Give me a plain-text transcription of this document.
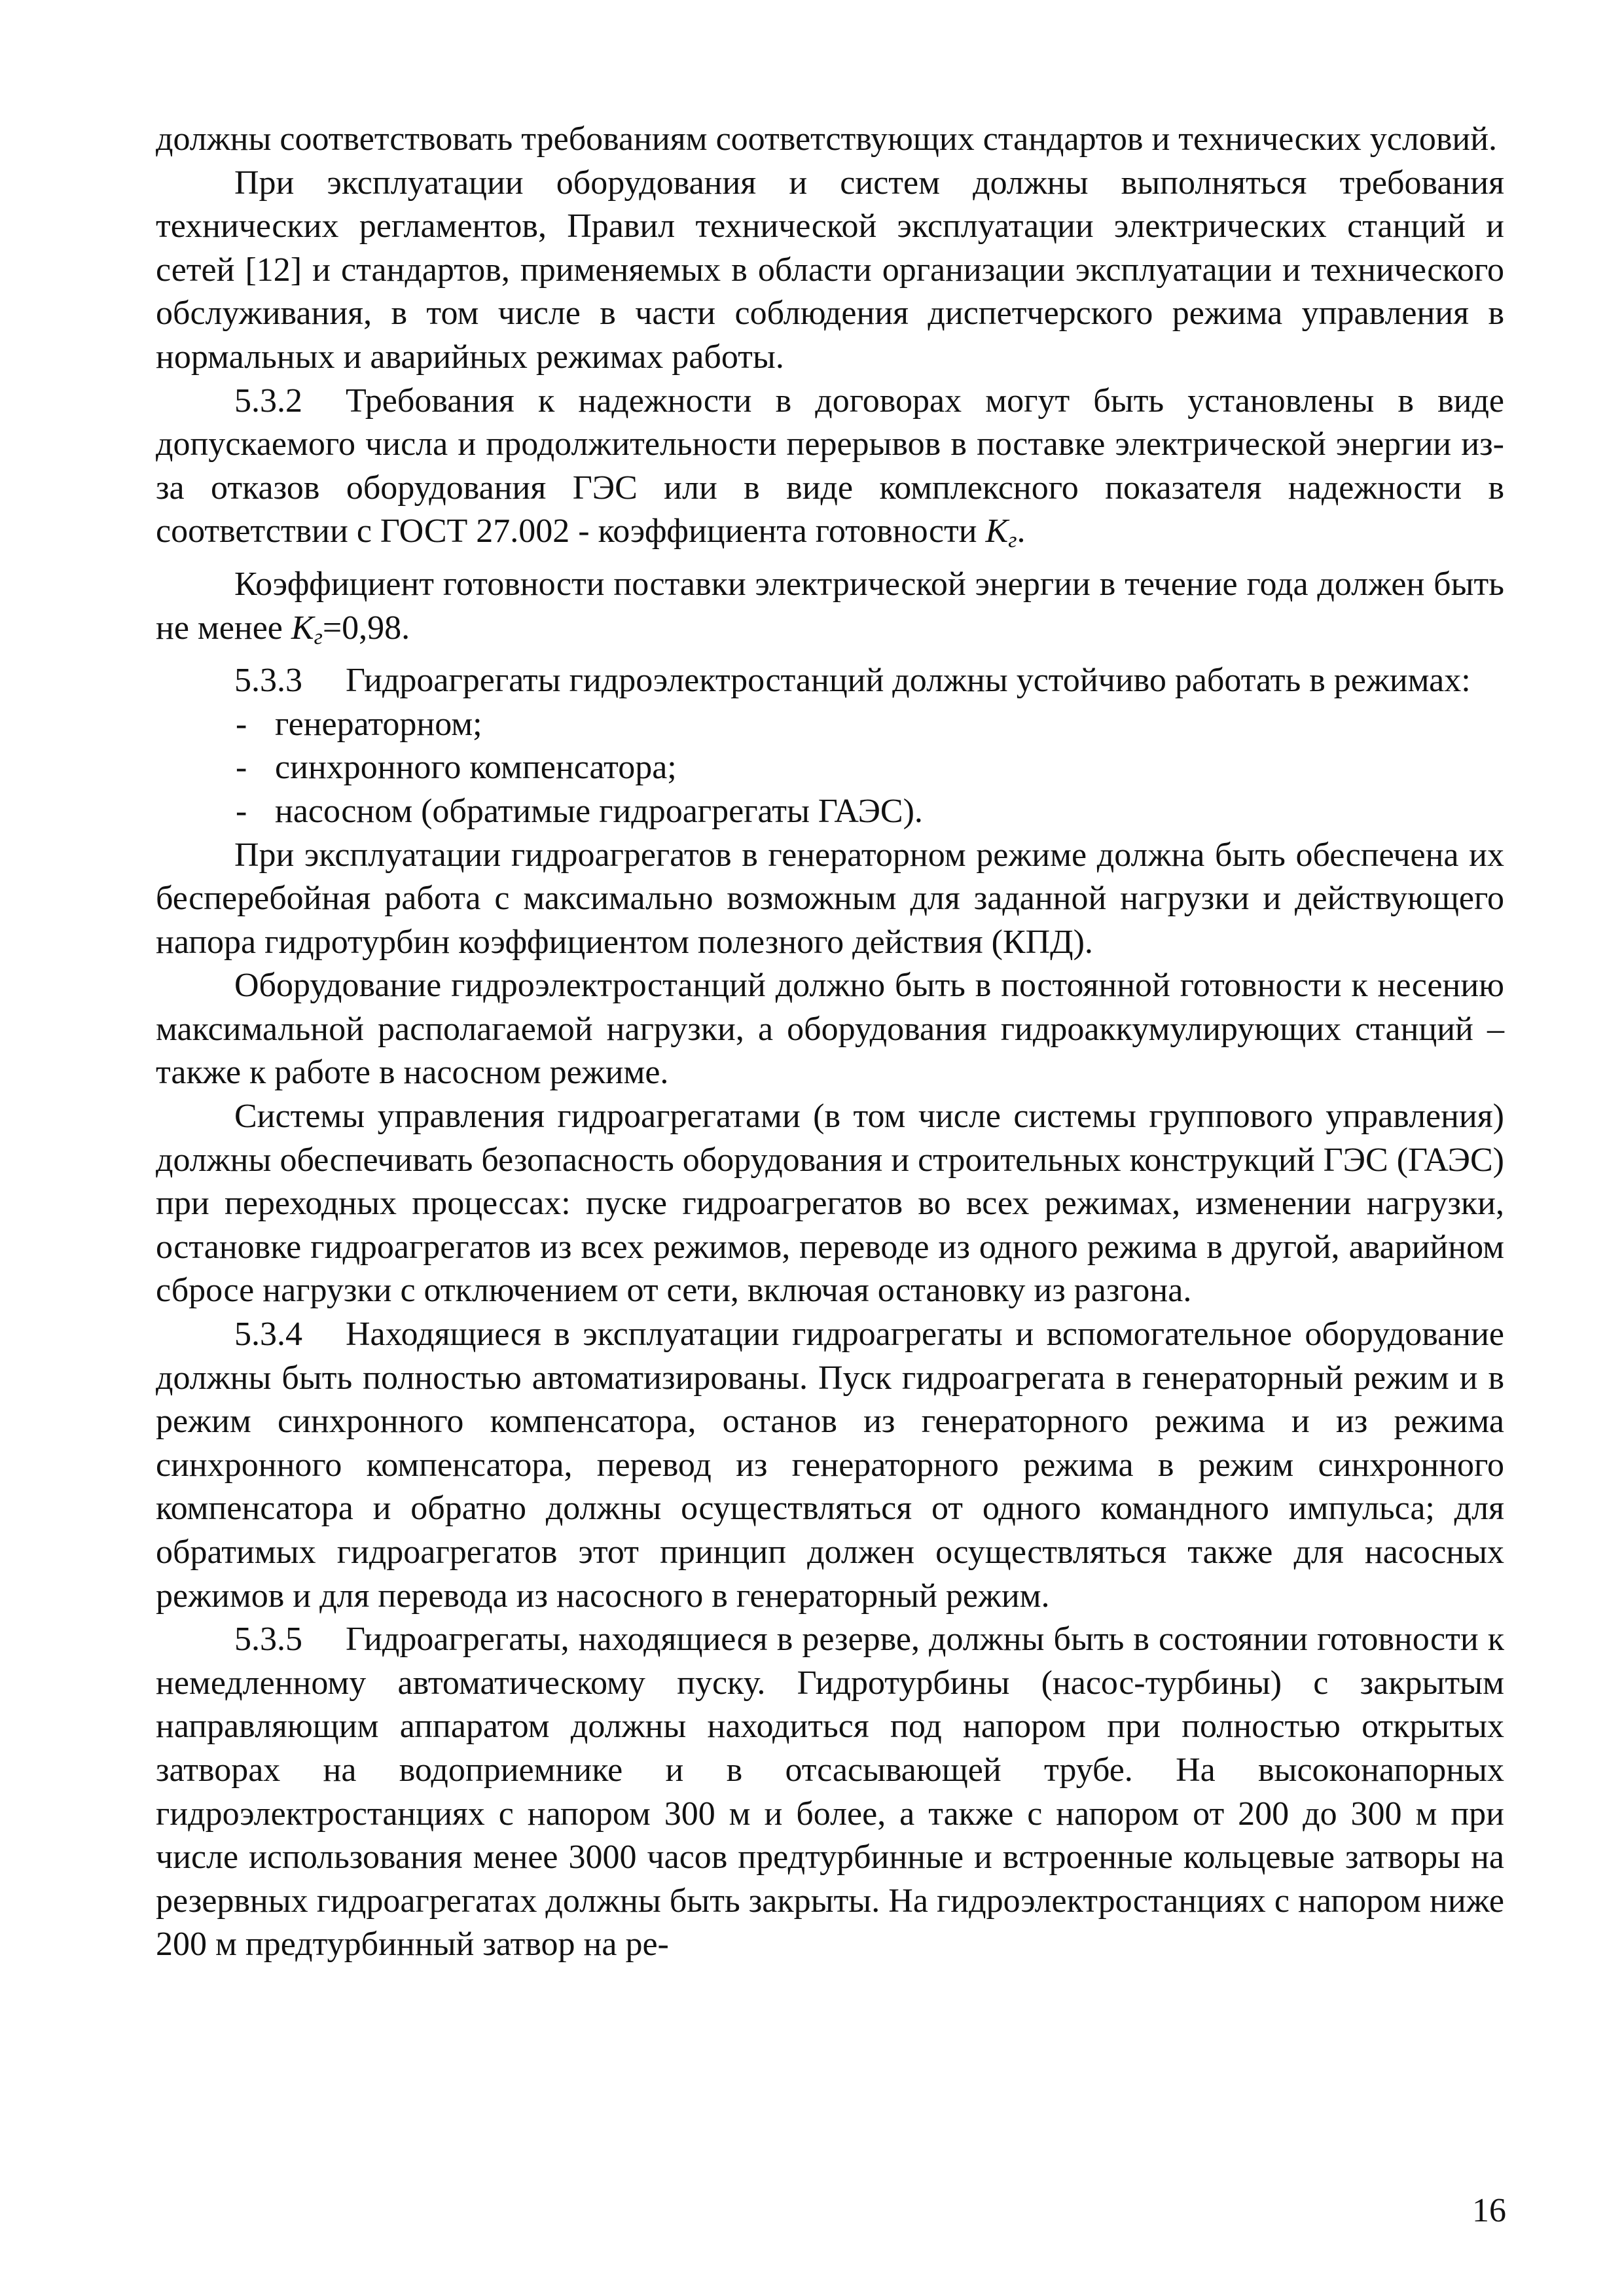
должны соответствовать требованиям соответствующих стандартов и технических условий.

При эксплуатации оборудования и систем должны выполняться требования технических регламентов, Правил технической эксплуатации электрических станций и сетей [12] и стандартов, применяемых в области организации эксплуатации и технического обслуживания, в том числе в части соблюдения диспетчерского режима управления в нормальных и аварийных режимах работы.

5.3.2 Требования к надежности в договорах могут быть установлены в виде допускаемого числа и продолжительности перерывов в поставке электрической энергии из-за отказов оборудования ГЭС или в виде комплексного показателя надежности в соответствии с ГОСТ 27.002 - коэффициента готовности $K_г$.

Коэффициент готовности поставки электрической энергии в течение года должен быть не менее $K_г=0,98$.

5.3.3 Гидроагрегаты гидроэлектростанций должны устойчиво работать в режимах:

- генераторном;
- синхронного компенсатора;
- насосном (обратимые гидроагрегаты ГАЭС).

При эксплуатации гидроагрегатов в генераторном режиме должна быть обеспечена их бесперебойная работа с максимально возможным для заданной нагрузки и действующего напора гидротурбин коэффициентом полезного действия (КПД).

Оборудование гидроэлектростанций должно быть в постоянной готовности к несению максимальной располагаемой нагрузки, а оборудования гидроаккумулирующих станций – также к работе в насосном режиме.

Системы управления гидроагрегатами (в том числе системы группового управления) должны обеспечивать безопасность оборудования и строительных конструкций ГЭС (ГАЭС) при переходных процессах: пуске гидроагрегатов во всех режимах, изменении нагрузки, остановке гидроагрегатов из всех режимов, переводе из одного режима в другой, аварийном сбросе нагрузки с отключением от сети, включая остановку из разгона.

5.3.4 Находящиеся в эксплуатации гидроагрегаты и вспомогательное оборудование должны быть полностью автоматизированы. Пуск гидроагрегата в генераторный режим и в режим синхронного компенсатора, останов из генераторного режима и из режима синхронного компенсатора, перевод из генераторного режима в режим синхронного компенсатора и обратно должны осуществляться от одного командного импульса; для обратимых гидроагрегатов этот принцип должен осуществляться также для насосных режимов и для перевода из насосного в генераторный режим.

5.3.5 Гидроагрегаты, находящиеся в резерве, должны быть в состоянии готовности к немедленному автоматическому пуску. Гидротурбины (насос-турбины) с закрытым направляющим аппаратом должны находиться под напором при полностью открытых затворах на водоприемнике и в отсасывающей трубе. На высоконапорных гидроэлектростанциях с напором 300 м и более, а также с напором от 200 до 300 м при числе использования менее 3000 часов предтурбинные и встроенные кольцевые затворы на резервных гидроагрегатах должны быть закрыты. На гидроэлектростанциях с напором ниже 200 м предтурбинный затвор на ре-

16
